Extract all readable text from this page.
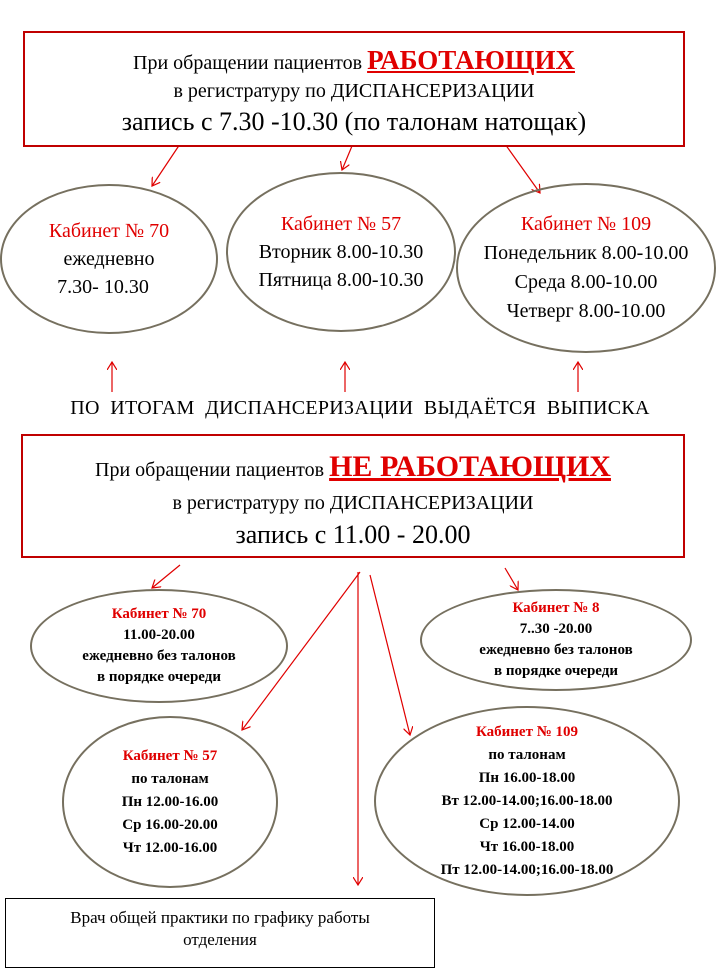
При обращении пациентов РАБОТАЮЩИХ
в регистратуру по ДИСПАНСЕРИЗАЦИИ
запись с 7.30 -10.30 (по талонам натощак)
Кабинет № 70
ежедневно
7.30- 10.30
Кабинет № 57
Вторник 8.00-10.30
Пятница 8.00-10.30
Кабинет № 109
Понедельник 8.00-10.00
Среда 8.00-10.00
Четверг 8.00-10.00
ПО  ИТОГАМ  ДИСПАНСЕРИЗАЦИИ  ВЫДАЁТСЯ  ВЫПИСКА
При обращении пациентов НЕ РАБОТАЮЩИХ
в регистратуру по ДИСПАНСЕРИЗАЦИИ
запись с 11.00 - 20.00
Кабинет № 70
11.00-20.00
ежедневно без талонов
в порядке очереди
Кабинет № 8
7..30 -20.00
ежедневно без талонов
в порядке очереди
Кабинет № 57
по талонам
Пн 12.00-16.00
Ср 16.00-20.00
Чт 12.00-16.00
Кабинет № 109
по талонам
Пн 16.00-18.00
Вт 12.00-14.00;16.00-18.00
Ср 12.00-14.00
Чт 16.00-18.00
Пт 12.00-14.00;16.00-18.00
Врач общей практики по графику работы
отделения
